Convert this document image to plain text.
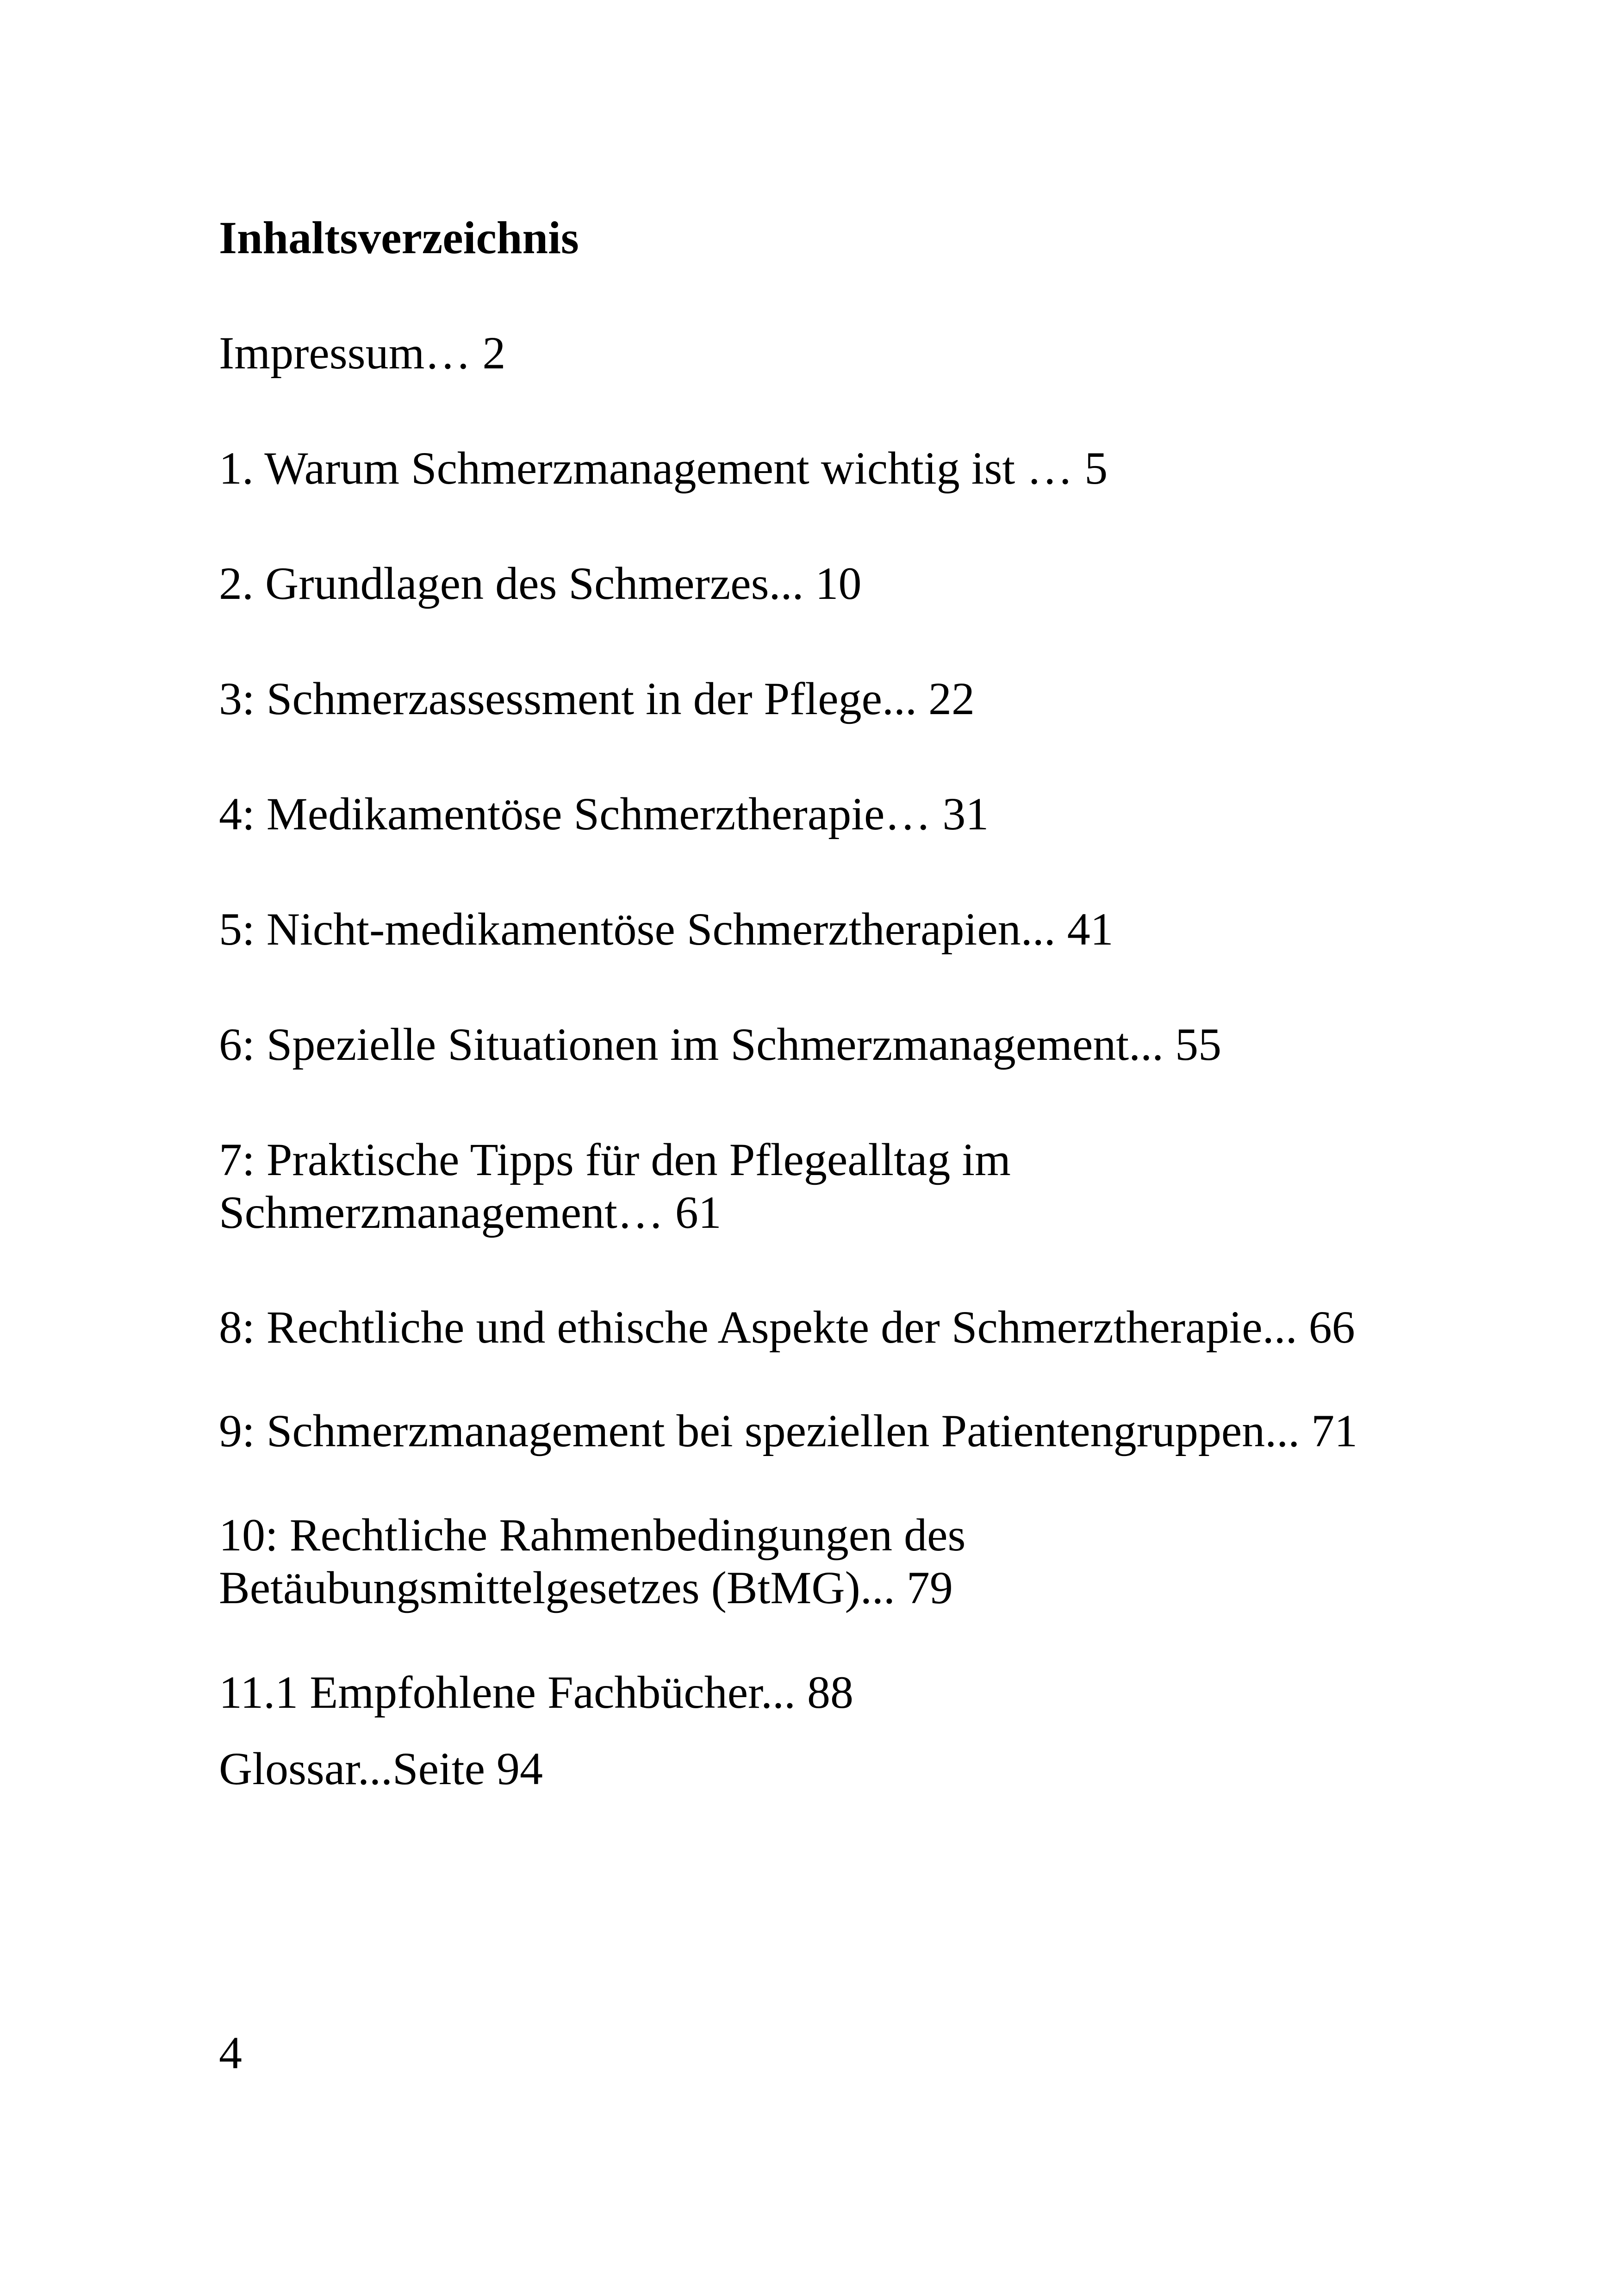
Inhaltsverzeichnis

Impressum… 2

1. Warum Schmerzmanagement wichtig ist … 5

2. Grundlagen des Schmerzes... 10

3: Schmerzassessment in der Pflege... 22

4: Medikamentöse Schmerztherapie… 31

5: Nicht-medikamentöse Schmerztherapien... 41

6: Spezielle Situationen im Schmerzmanagement... 55

7: Praktische Tipps für den Pflegealltag im
Schmerzmanagement… 61

8: Rechtliche und ethische Aspekte der Schmerztherapie... 66

9: Schmerzmanagement bei speziellen Patientengruppen... 71

10: Rechtliche Rahmenbedingungen des
Betäubungsmittelgesetzes (BtMG)... 79

11.1 Empfohlene Fachbücher... 88

Glossar...Seite 94

4
